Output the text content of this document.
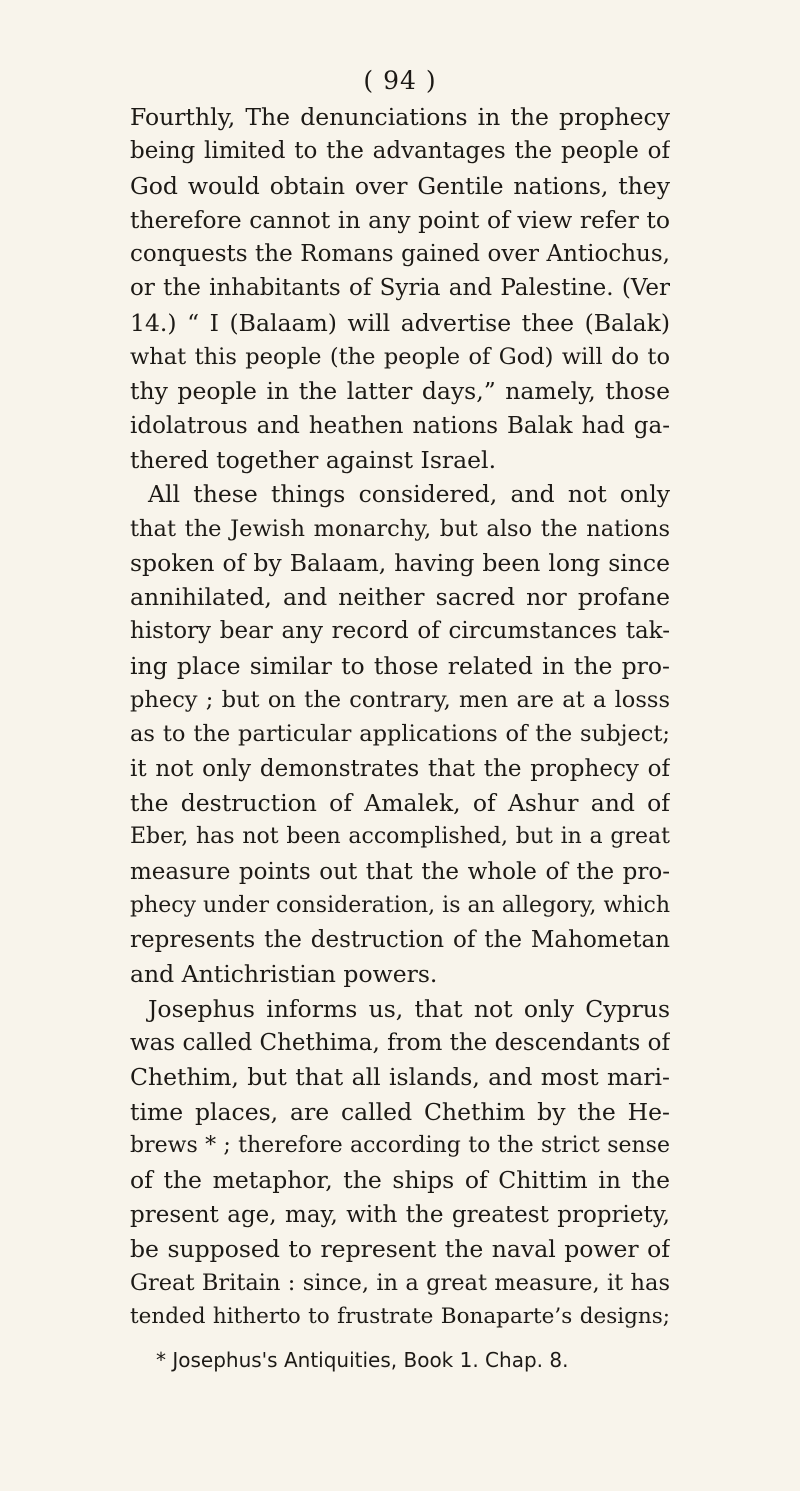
( 94 )
Fourthly, The denunciations in the prophecy
being limited to the advantages the people of
God would obtain over Gentile nations, they
therefore cannot in any point of view refer to
conquests the Romans gained over Antiochus,
or the inhabitants of Syria and Palestine. (Ver
14.) “ I (Balaam) will advertise thee (Balak)
what this people (the people of God) will do to
thy people in the latter days,” namely, those
idolatrous and heathen nations Balak had ga-
thered together against Israel.
All these things considered, and not only
that the Jewish monarchy, but also the nations
spoken of by Balaam, having been long since
annihilated, and neither sacred nor profane
history bear any record of circumstances tak-
ing place similar to those related in the pro-
phecy ; but on the contrary, men are at a losss
as to the particular applications of the subject;
it not only demonstrates that the prophecy of
the destruction of Amalek, of Ashur and of
Eber, has not been accomplished, but in a great
measure points out that the whole of the pro-
phecy under consideration, is an allegory, which
represents the destruction of the Mahometan
and Antichristian powers.
Josephus informs us, that not only Cyprus
was called Chethima, from the descendants of
Chethim, but that all islands, and most mari-
time places, are called Chethim by the He-
brews * ; therefore according to the strict sense
of the metaphor, the ships of Chittim in the
present age, may, with the greatest propriety,
be supposed to represent the naval power of
Great Britain : since, in a great measure, it has
tended hitherto to frustrate Bonaparte’s designs;
* Josephus's Antiquities, Book 1. Chap. 8.
